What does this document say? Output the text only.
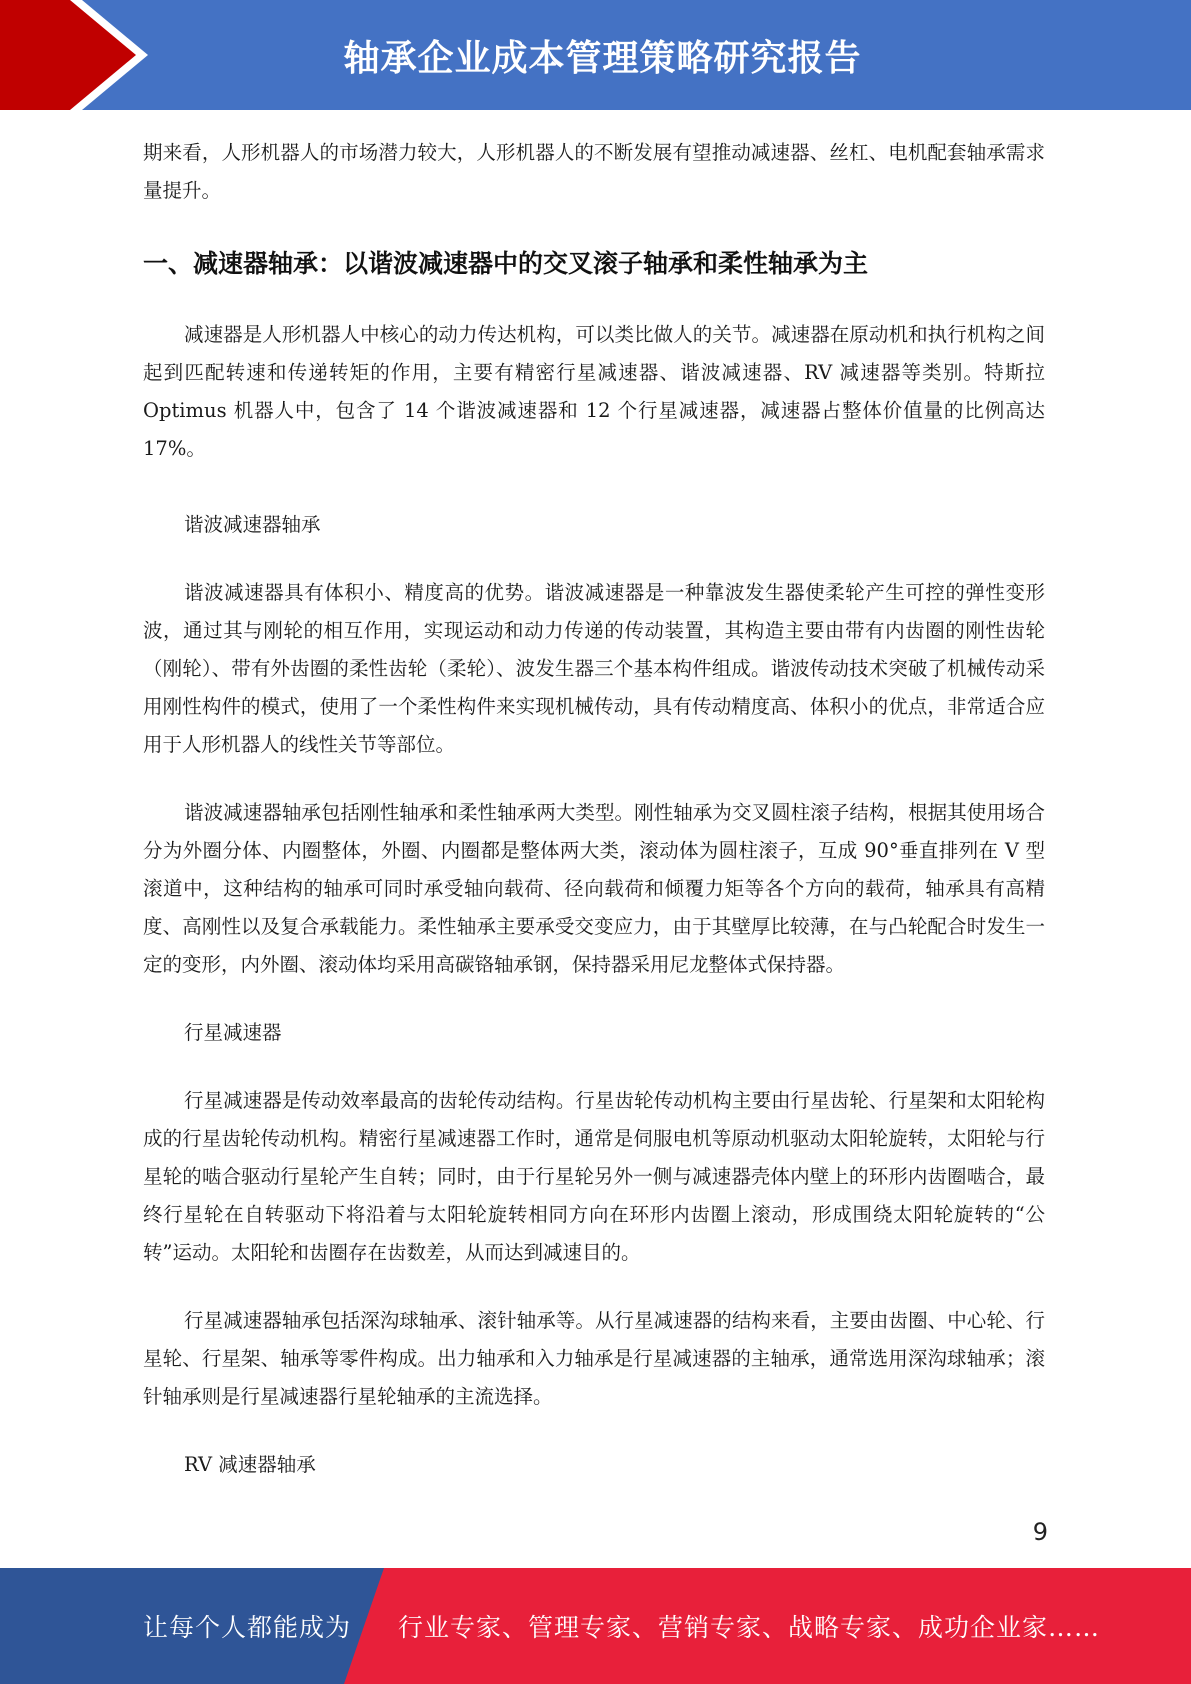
轴承企业成本管理策略研究报告

期来看，人形机器人的市场潜力较大，人形机器人的不断发展有望推动减速器、丝杠、电机配套轴承需求量提升。

一、减速器轴承：以谐波减速器中的交叉滚子轴承和柔性轴承为主

减速器是人形机器人中核心的动力传达机构，可以类比做人的关节。减速器在原动机和执行机构之间起到匹配转速和传递转矩的作用，主要有精密行星减速器、谐波减速器、RV 减速器等类别。特斯拉 Optimus 机器人中，包含了 14 个谐波减速器和 12 个行星减速器，减速器占整体价值量的比例高达 17%。

谐波减速器轴承

谐波减速器具有体积小、精度高的优势。谐波减速器是一种靠波发生器使柔轮产生可控的弹性变形波，通过其与刚轮的相互作用，实现运动和动力传递的传动装置，其构造主要由带有内齿圈的刚性齿轮（刚轮）、带有外齿圈的柔性齿轮（柔轮）、波发生器三个基本构件组成。谐波传动技术突破了机械传动采用刚性构件的模式，使用了一个柔性构件来实现机械传动，具有传动精度高、体积小的优点，非常适合应用于人形机器人的线性关节等部位。

谐波减速器轴承包括刚性轴承和柔性轴承两大类型。刚性轴承为交叉圆柱滚子结构，根据其使用场合分为外圈分体、内圈整体，外圈、内圈都是整体两大类，滚动体为圆柱滚子，互成 90°垂直排列在 V 型滚道中，这种结构的轴承可同时承受轴向载荷、径向载荷和倾覆力矩等各个方向的载荷，轴承具有高精度、高刚性以及复合承载能力。柔性轴承主要承受交变应力，由于其壁厚比较薄，在与凸轮配合时发生一定的变形，内外圈、滚动体均采用高碳铬轴承钢，保持器采用尼龙整体式保持器。

行星减速器

行星减速器是传动效率最高的齿轮传动结构。行星齿轮传动机构主要由行星齿轮、行星架和太阳轮构成的行星齿轮传动机构。精密行星减速器工作时，通常是伺服电机等原动机驱动太阳轮旋转，太阳轮与行星轮的啮合驱动行星轮产生自转；同时，由于行星轮另外一侧与减速器壳体内壁上的环形内齿圈啮合，最终行星轮在自转驱动下将沿着与太阳轮旋转相同方向在环形内齿圈上滚动，形成围绕太阳轮旋转的“公转”运动。太阳轮和齿圈存在齿数差，从而达到减速目的。

行星减速器轴承包括深沟球轴承、滚针轴承等。从行星减速器的结构来看，主要由齿圈、中心轮、行星轮、行星架、轴承等零件构成。出力轴承和入力轴承是行星减速器的主轴承，通常选用深沟球轴承；滚针轴承则是行星减速器行星轮轴承的主流选择。

RV 减速器轴承

9
让每个人都能成为 行业专家、管理专家、营销专家、战略专家、成功企业家……
